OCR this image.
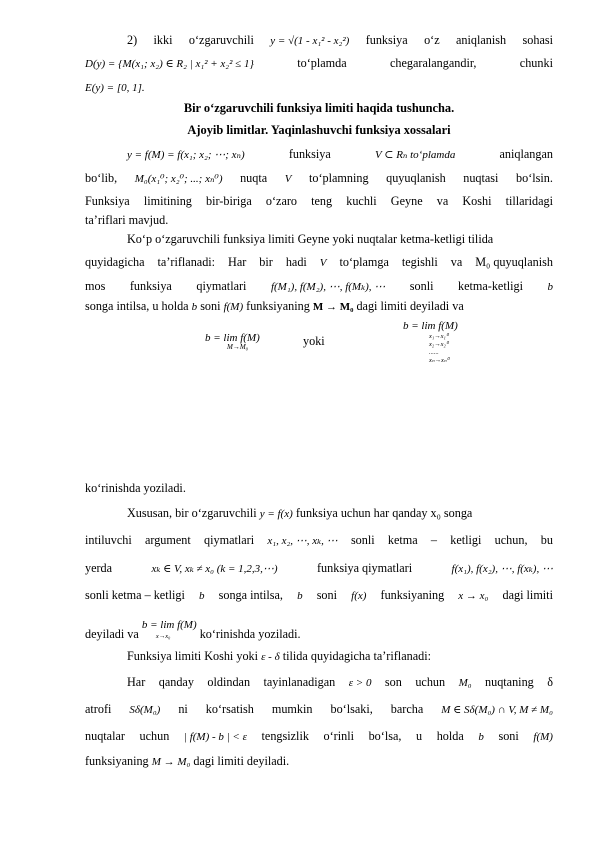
2) ikki o‘zgaruvchili y = √(1 - x₁² - x₂²) funksiya o‘z aniqlanish sohasi
D(y) = {M(x₁; x₂) ∈ R₂ | x₁² + x₂² ≤ 1}	to‘plamda	chegaralangandir,	chunki
E(y) = [0, 1].
Bir o‘zgaruvchili funksiya limiti haqida tushuncha.
Ajoyib limitlar. Yaqinlashuvchi funksiya xossalari
y = f(M) = f(x₁; x₂; ⋯; xₙ)	funksiya	V ⊂ Rₙ to‘plamda	aniqlangan
bo‘lib, M₀(x₁⁰; x₂⁰; ...; xₙ⁰) nuqta V to‘plamning quyuqlanish nuqtasi bo‘lsin.
Funksiya limitining bir-biriga o‘zaro teng kuchli Geyne va Koshi tillaridagi
ta’riflari mavjud.
Ko‘p o‘zgaruvchili funksiya limiti Geyne yoki nuqtalar ketma-ketligi tilida
quyidagicha ta’riflanadi: Har bir hadi V to‘plamga tegishli va M₀ quyuqlanish
mos funksiya qiymatlari f(M₁), f(M₂), ⋯, f(Mₖ), ⋯ sonli ketma-ketligi b
songa intilsa, u holda b soni f(M) funksiyaning M → M₀ dagi limiti deyiladi va
b = lim f(M)
M→M₀	yoki
b = lim f(M)
x₁→x₁⁰
x₂→x₂⁰
......
xₙ→xₙ⁰
ko‘rinishda yoziladi.
Xususan, bir o‘zgaruvchili y = f(x) funksiya uchun har qanday x₀ songa
intiluvchi argument qiymatlari x₁, x₂, ⋯, xₖ, ⋯ sonli ketma – ketligi uchun, bu
yerda	xₖ ∈ V, xₖ ≠ x₀ (k = 1,2,3,⋯)	funksiya qiymatlari	f(x₁), f(x₂), ⋯, f(xₖ), ⋯
sonli ketma – ketligi b songa intilsa, b soni f(x) funksiyaning x → x₀ dagi limiti
deyiladi va b = lim f(M)
x→x₀	ko‘rinishda yoziladi.
Funksiya limiti Koshi yoki ε - δ tilida quyidagicha ta’riflanadi:
Har qanday oldindan tayinlanadigan ε > 0 son uchun M₀ nuqtaning δ
atrofi Sδ(M₀) ni ko‘rsatish mumkin bo‘lsaki, barcha M ∈ Sδ(M₀) ∩ V, M ≠ M₀
nuqtalar uchun | f(M) - b | < ε tengsizlik o‘rinli bo‘lsa, u holda b soni f(M)
funksiyaning M → M₀ dagi limiti deyiladi.
